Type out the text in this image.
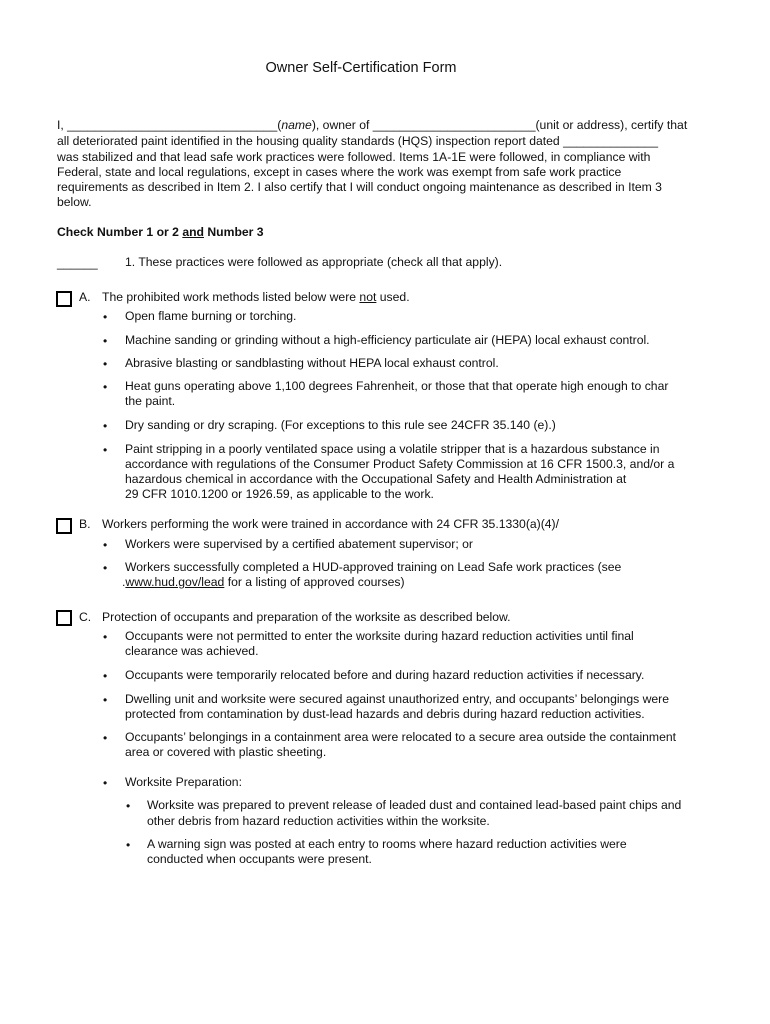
Owner Self-Certification Form
I, _______________________________(name), owner of ________________________(unit or address), certify that
all deteriorated paint identified in the housing quality standards (HQS) inspection report dated ______________
was stabilized and that lead safe work practices were followed. Items 1A-1E were followed, in compliance with
Federal, state and local regulations, except in cases where the work was exempt from safe work practice
requirements as described in Item 2. I also certify that I will conduct ongoing maintenance as described in Item 3
below.
Check Number 1 or 2 and Number 3
______ 1. These practices were followed as appropriate (check all that apply).
A. The prohibited work methods listed below were not used.
• Open flame burning or torching.
• Machine sanding or grinding without a high-efficiency particulate air (HEPA) local exhaust control.
• Abrasive blasting or sandblasting without HEPA local exhaust control.
• Heat guns operating above 1,100 degrees Fahrenheit, or those that that operate high enough to char
the paint.
• Dry sanding or dry scraping. (For exceptions to this rule see 24CFR 35.140 (e).)
• Paint stripping in a poorly ventilated space using a volatile stripper that is a hazardous substance in
accordance with regulations of the Consumer Product Safety Commission at 16 CFR 1500.3, and/or a
hazardous chemical in accordance with the Occupational Safety and Health Administration at
29 CFR 1010.1200 or 1926.59, as applicable to the work.
B. Workers performing the work were trained in accordance with 24 CFR 35.1330(a)(4)/
• Workers were supervised by a certified abatement supervisor; or
• Workers successfully completed a HUD-approved training on Lead Safe work practices (see
.www.hud.gov/lead for a listing of approved courses)
C. Protection of occupants and preparation of the worksite as described below.
• Occupants were not permitted to enter the worksite during hazard reduction activities until final
clearance was achieved.
• Occupants were temporarily relocated before and during hazard reduction activities if necessary.
• Dwelling unit and worksite were secured against unauthorized entry, and occupants’ belongings were
protected from contamination by dust-lead hazards and debris during hazard reduction activities.
• Occupants’ belongings in a containment area were relocated to a secure area outside the containment
area or covered with plastic sheeting.
• Worksite Preparation:
• Worksite was prepared to prevent release of leaded dust and contained lead-based paint chips and
other debris from hazard reduction activities within the worksite.
• A warning sign was posted at each entry to rooms where hazard reduction activities were
conducted when occupants were present.
